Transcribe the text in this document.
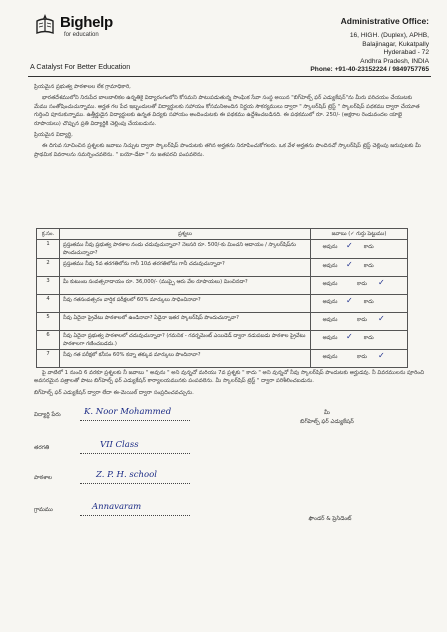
Bighelp
for education
A Catalyst For Better Education
Administrative Office:
16, HIGH. (Duplex), APHB,
Balajinagar, Kukatpally
Hyderabad - 72
Andhra Pradesh, INDIA
Phone: +91-40-23152224 / 9849757765

ప్రియమైన ప్రభుత్వ పాఠశాలల లేక గ్రామాధికారి,

భారతదేశములోని నిరుపేద బాలబాలికల ఉన్నతికై విద్యారంగంలోని కోసమని పాటుపడుతున్న సాంఘిక సేవా సంస్థ అయిన "బిగ్‌హెల్ప్ ఫర్ ఎడ్యుకేషన్"ను మీరు పరిచయం చేయుటకు మేము సంతోషించుచున్నాము. అర్హత గల పేద ఇబ్బందులతో విద్యార్థులకు సహాయం కోసమనిఅందిన నిర్ణయ సౌకర్యములు ద్వారా " స్కాలర్‌షిప్ ట్రెస్ట్ " స్కాలర్‌షిప్ పథకము ద్వారా చేయూత గుర్తించి పూనుకున్నాము. ఉత్తీర్ణుడైన విద్యార్థులకు ఉన్నత విద్యకు సహాయం అందించుటకు ఈ పథకము ఉద్దేశించబడినది. ఈ పథకములో రూ. 250/- (అక్షరాల రెండువందల యాభై రూపాయలు) చొప్పున ప్రతి విద్యార్థికి చెల్లింపు చేయబడును.

ప్రియమైన విద్యార్థి,

ఈ దిగువ సూచించిన ప్రశ్నలకు జవాబు నిచ్చుట ద్వారా స్కాలర్‌షిప్ పొందుటకు తగిన అర్హతను నిరూపించుకోగలరు. ఒక వేళ అర్హతను పొందినచో స్కాలర్‌షిప్ ట్రెస్ట్ చెల్లింపు జరుపుటకు మీ ప్రాథమిక వివరాలను సమర్పించవలెను. " బయో-డేటా " ను జతపరచి పంపవలెను.

క్ర.సం.	ప్రశ్నలు	జవాబు (✓ గుర్తు పెట్టుము)
1	ప్రస్తుతము నీవు ప్రభుత్వ పాఠశాల నందు చదువుచున్నావా? నెలసరి రూ. 500/-కు మించని ఆదాయం / స్కాలర్‌షిప్‌ను పొందుచున్నావా?	అవును ✓ కాదు
2	ప్రస్తుతము నీవు 5వ తరగతిలోను గానీ 10వ తరగతిలోను గానీ చదువుచున్నావా?	అవును ✓ కాదు
3	మీ కుటుంబ సంవత్సరాదాయం రూ. 36,000/- (ముప్పై ఆరు వేల రూపాయలు) మించినదా?	అవును కాదు ✓
4	నీవు గతసంవత్సరం వార్షిక పరీక్షలలో 60% మార్కులు సాధించినావా?	అవును ✓ కాదు
5	నీవు ఏదైనా ప్రైవేటు పాఠశాలలో ఉండినావా? ఏదైనా ఇతర స్కాలర్‌షిప్ పొందుచున్నావా?	అవును కాదు ✓
6	నీవు ఏదైనా ప్రభుత్వ పాఠశాలలో చదువుచున్నావా? (గమనిక - గవర్నమెంట్ ఎయిడెడ్ ద్వారా నడుపబడు పాఠశాల ప్రైవేటు పాఠశాలగా గణించబడదు.)	అవును ✓ కాదు
7	నీవు గత పరీక్షలో కనీసం 60% కన్నా తక్కువ మార్కులు పొందినావా?	అవును కాదు ✓

పై వాటిలో 1 నుంచి 6 వరకూ ప్రశ్నలకు నీ జవాబు " అవును " అని వున్నచో మరియు 7వ ప్రశ్నకు " కాదు " అని వున్నచో నీవు స్కాలర్‌షిప్ పొందుటకు అర్హుడవు. నీ వివరములను పూరించి అవసరమైన పత్రాలతో పాటు బిగ్‌హెల్ప్ ఫర్ ఎడ్యుకేషన్ కార్యాలయమునకు పంపవలెను. మీ స్కాలర్‌షిప్ ట్రెస్ట్ " ద్వారా పరిశీలించబడును.

బిగ్‌హెల్ప్ ఫర్ ఎడ్యుకేషన్ ద్వారా లేదా ఈ-మెయిల్ ద్వారా సంప్రదించవచ్చును.

విద్యార్థి పేరు	K. Noor Mohammed
తరగతి	VII Class
పాఠశాల	Z. P. H. school
గ్రామము	Annavaram
మీ
బిగ్‌హెల్ప్ ఫర్ ఎడ్యుకేషన్
ఫౌండర్ & ప్రెసిడెంట్
